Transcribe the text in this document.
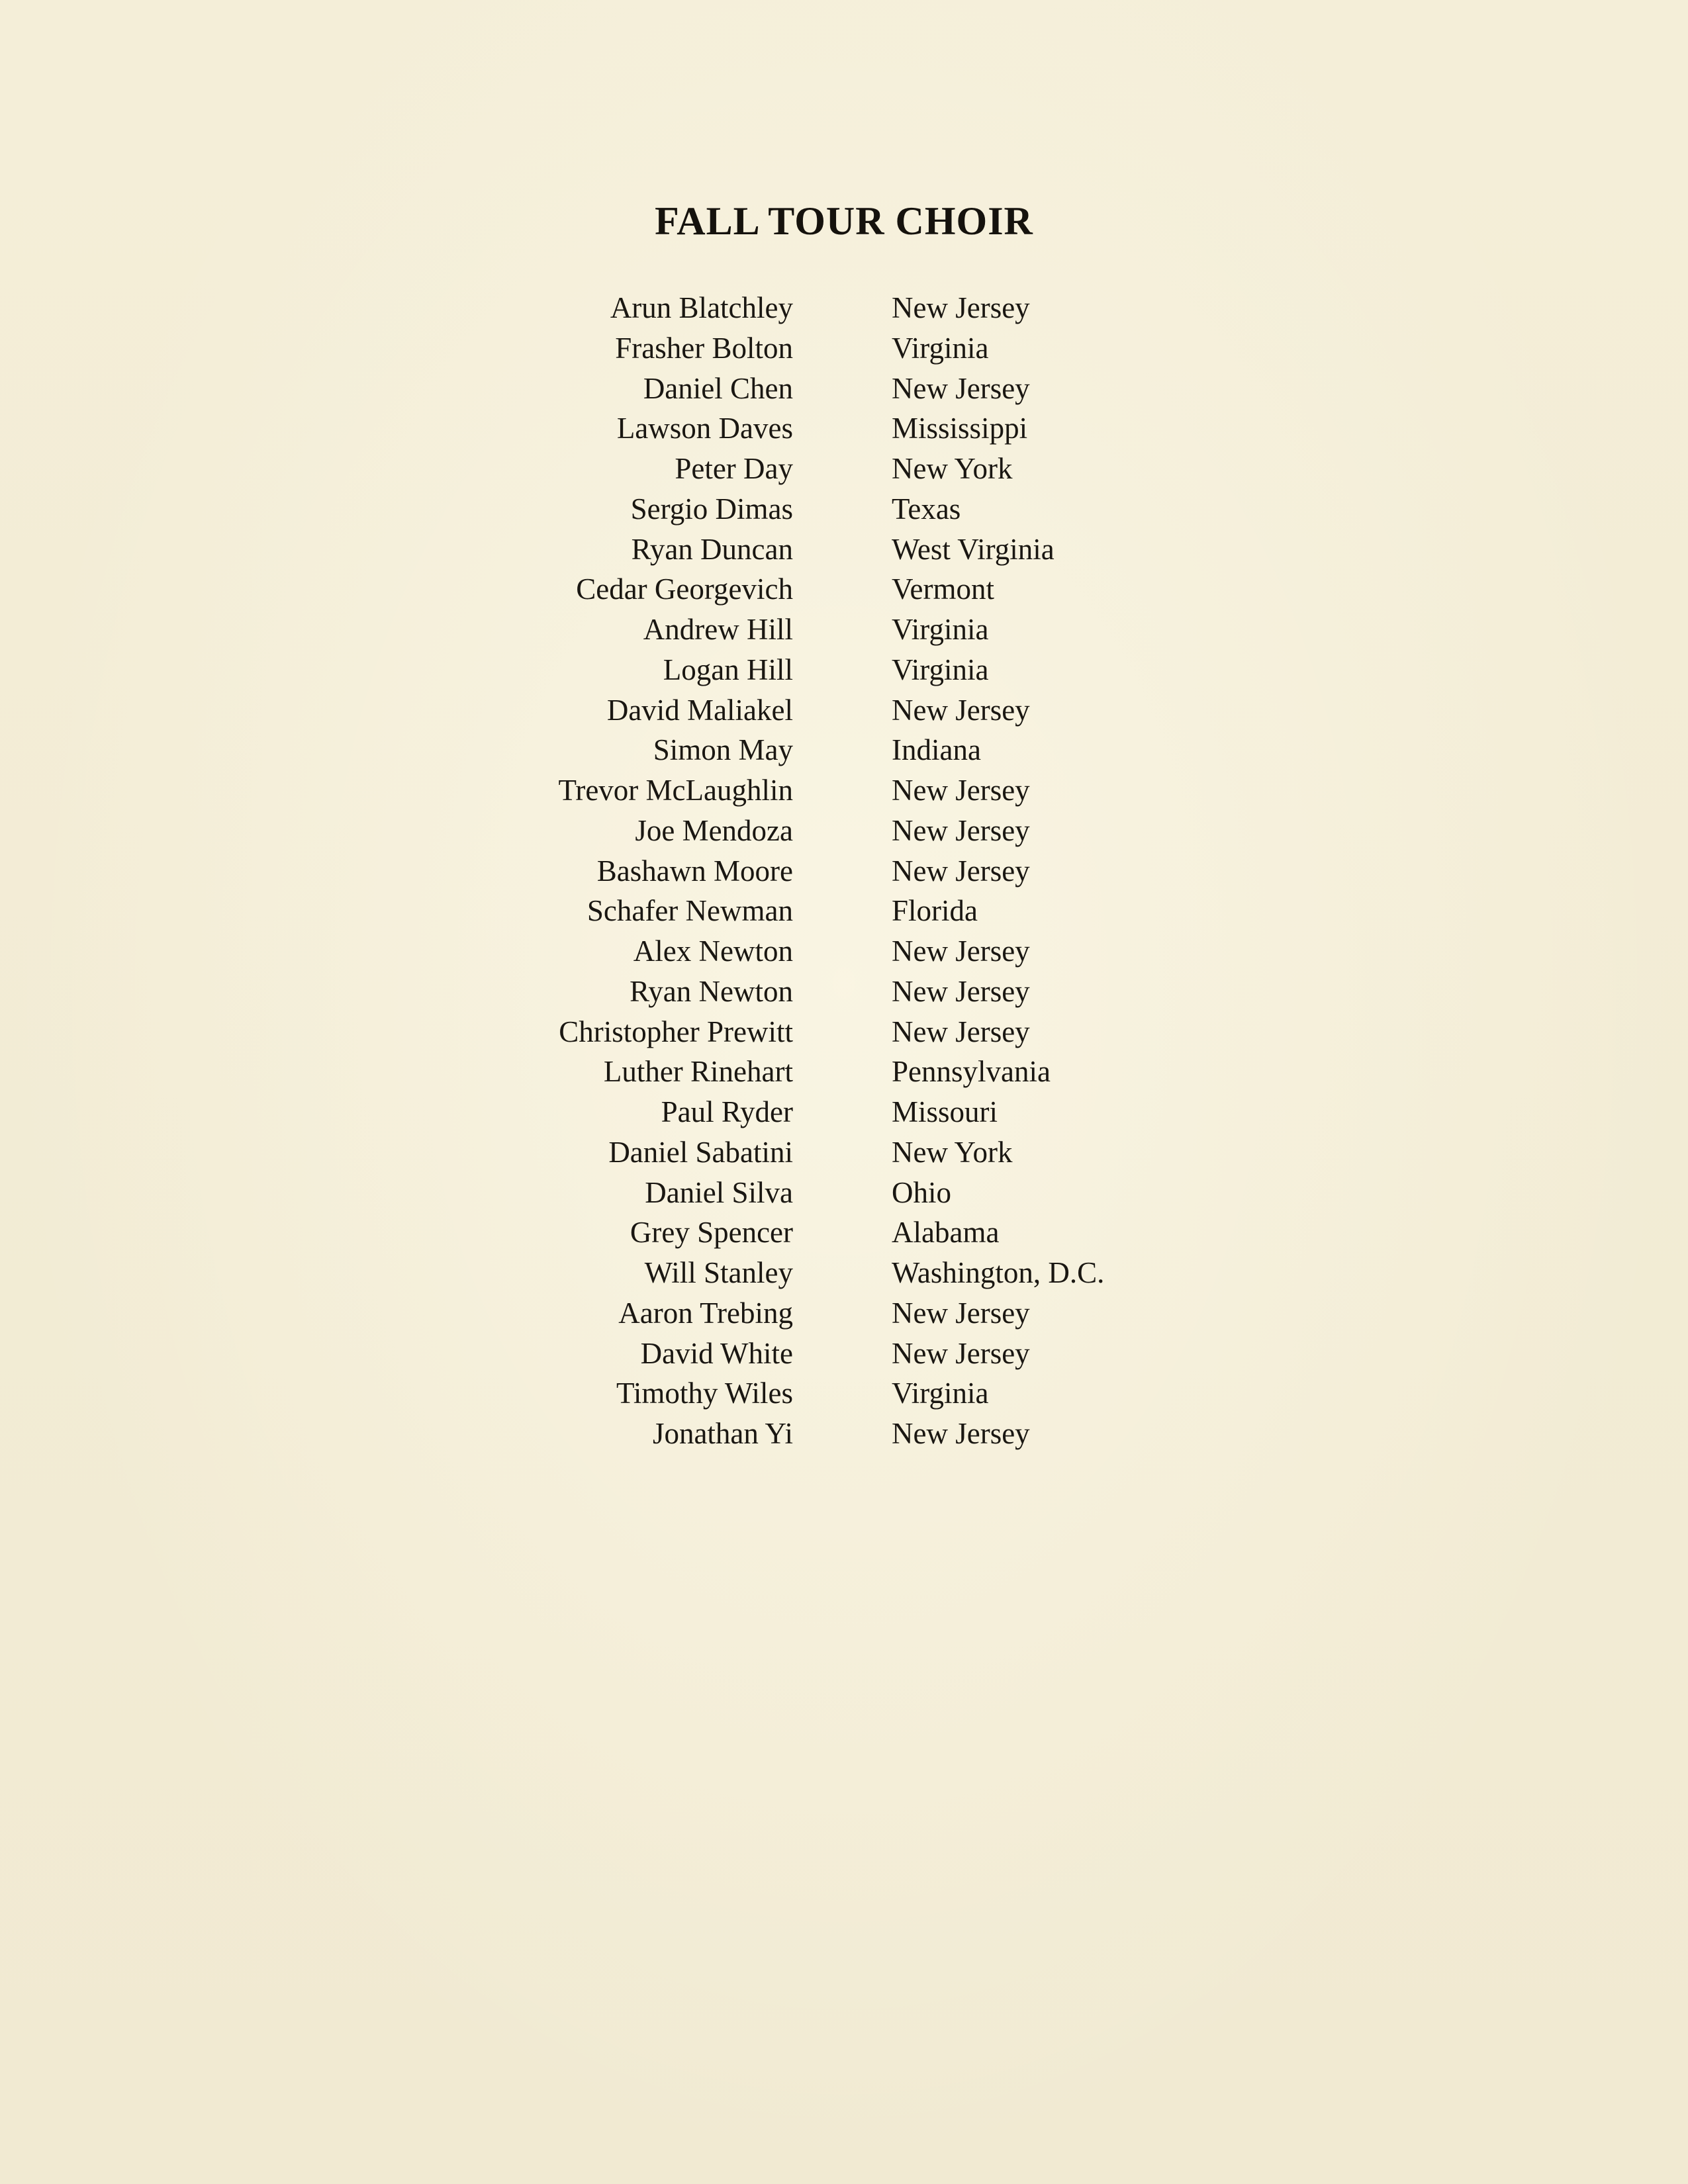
FALL TOUR CHOIR
Arun Blatchley	New Jersey
Frasher Bolton	Virginia
Daniel Chen	New Jersey
Lawson Daves	Mississippi
Peter Day	New York
Sergio Dimas	Texas
Ryan Duncan	West Virginia
Cedar Georgevich	Vermont
Andrew Hill	Virginia
Logan Hill	Virginia
David Maliakel	New Jersey
Simon May	Indiana
Trevor McLaughlin	New Jersey
Joe Mendoza	New Jersey
Bashawn Moore	New Jersey
Schafer Newman	Florida
Alex Newton	New Jersey
Ryan Newton	New Jersey
Christopher Prewitt	New Jersey
Luther Rinehart	Pennsylvania
Paul Ryder	Missouri
Daniel Sabatini	New York
Daniel Silva	Ohio
Grey Spencer	Alabama
Will Stanley	Washington, D.C.
Aaron Trebing	New Jersey
David White	New Jersey
Timothy Wiles	Virginia
Jonathan Yi	New Jersey
